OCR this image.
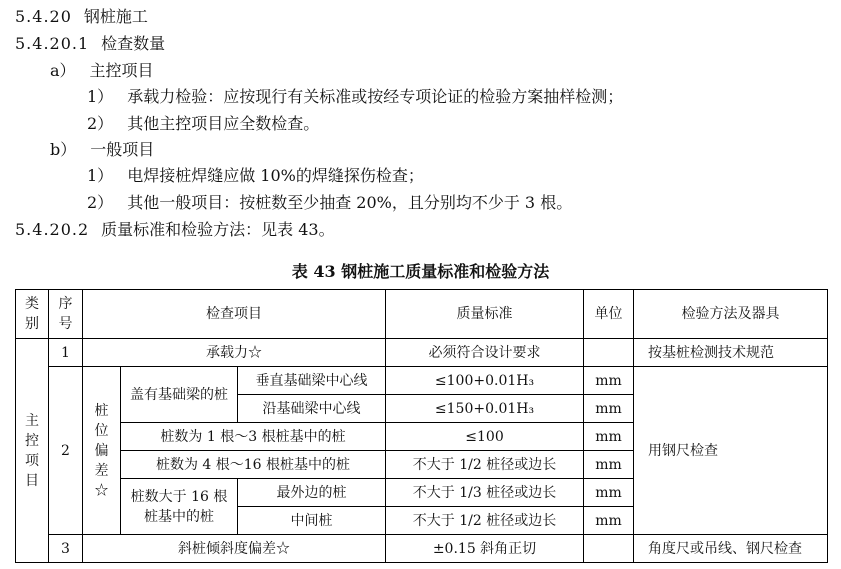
5.4.20 钢桩施工
5.4.20.1 检查数量
a） 主控项目
1） 承载力检验：应按现行有关标准或按经专项论证的检验方案抽样检测；
2） 其他主控项目应全数检查。
b） 一般项目
1） 电焊接桩焊缝应做 10%的焊缝探伤检查；
2） 其他一般项目：按桩数至少抽查 20%，且分别均不少于 3 根。
5.4.20.2 质量标准和检验方法：见表 43。
表 43 钢桩施工质量标准和检验方法
类别	序号	检查项目			质量标准	单位	检验方法及器具
主控项目	1	承载力☆			必须符合设计要求		按基桩检测技术规范
	2	桩位偏差☆	盖有基础梁的桩	垂直基础梁中心线	≤100+0.01H₃	mm	用钢尺检查
				沿基础梁中心线	≤150+0.01H₃	mm	
			桩数为 1 根～3 根桩基中的桩		≤100	mm	
			桩数为 4 根～16 根桩基中的桩		不大于 1/2 桩径或边长	mm	
			桩数大于 16 根桩基中的桩	最外边的桩	不大于 1/3 桩径或边长	mm	
				中间桩	不大于 1/2 桩径或边长	mm	
	3	斜桩倾斜度偏差☆			±0.15 斜角正切		角度尺或吊线、钢尺检查
